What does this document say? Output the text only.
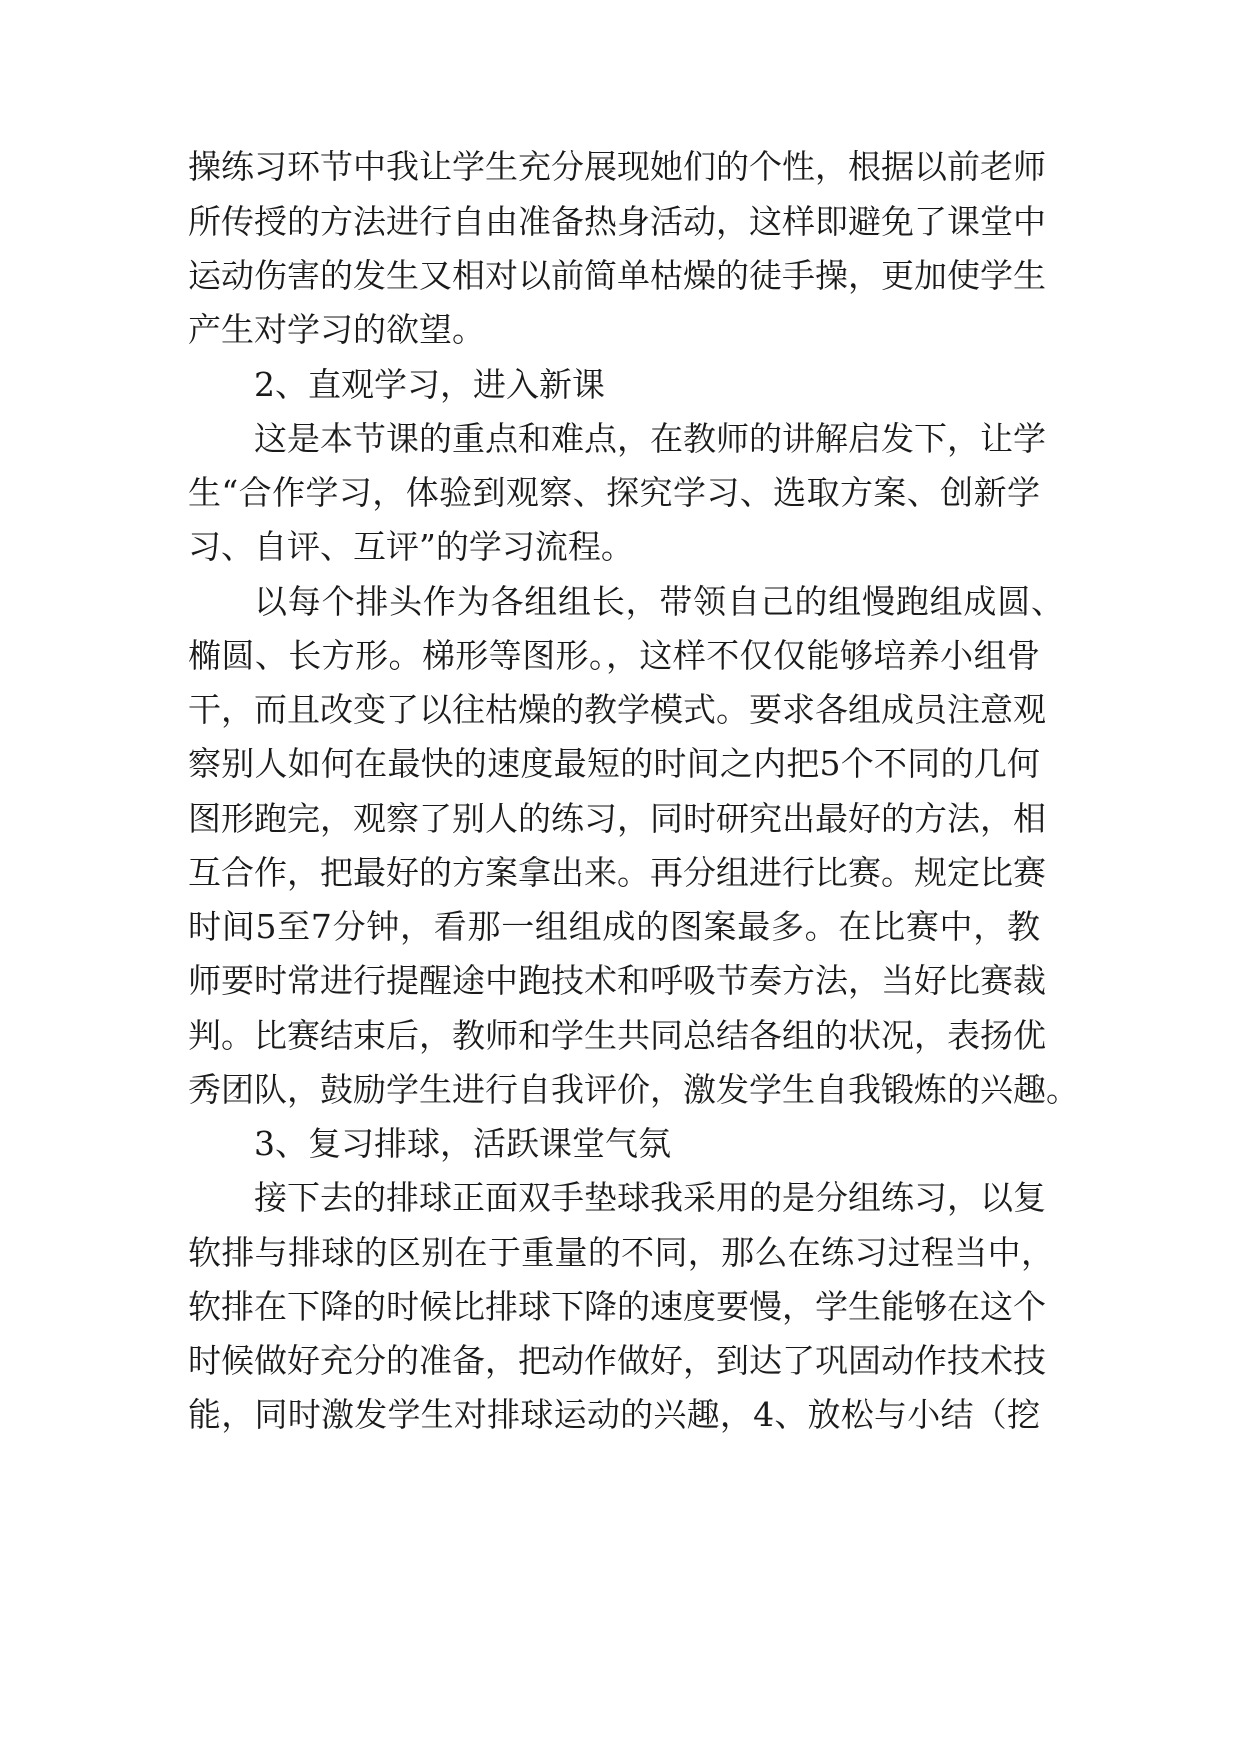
操练习环节中我让学生充分展现她们的个性，根据以前老师
所传授的方法进行自由准备热身活动，这样即避免了课堂中
运动伤害的发生又相对以前简单枯燥的徒手操，更加使学生
产生对学习的欲望。
2、直观学习，进入新课
这是本节课的重点和难点，在教师的讲解启发下，让学
生“合作学习，体验到观察、探究学习、选取方案、创新学
习、自评、互评”的学习流程。
以每个排头作为各组组长，带领自己的组慢跑组成圆、
椭圆、长方形。梯形等图形。，这样不仅仅能够培养小组骨
干，而且改变了以往枯燥的教学模式。要求各组成员注意观
察别人如何在最快的速度最短的时间之内把5个不同的几何
图形跑完，观察了别人的练习，同时研究出最好的方法，相
互合作，把最好的方案拿出来。再分组进行比赛。规定比赛
时间5至7分钟，看那一组组成的图案最多。在比赛中，教
师要时常进行提醒途中跑技术和呼吸节奏方法，当好比赛裁
判。比赛结束后，教师和学生共同总结各组的状况，表扬优
秀团队，鼓励学生进行自我评价，激发学生自我锻炼的兴趣。
3、复习排球，活跃课堂气氛
接下去的排球正面双手垫球我采用的是分组练习，以复
软排与排球的区别在于重量的不同，那么在练习过程当中，
软排在下降的时候比排球下降的速度要慢，学生能够在这个
时候做好充分的准备，把动作做好，到达了巩固动作技术技
能，同时激发学生对排球运动的兴趣，4、放松与小结（挖
